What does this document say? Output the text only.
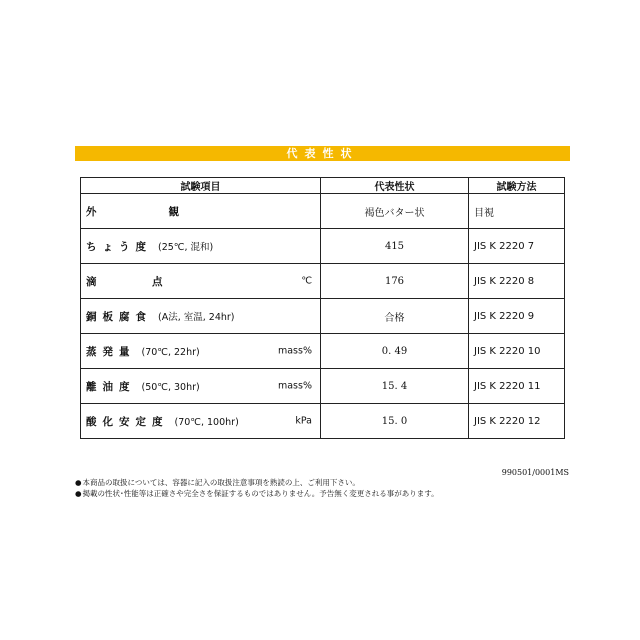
代表性状
試験項目	代表性状	試験方法
外　　　　観	褐色バター状	目視
ちょう度 (25℃, 混和)	415	JIS K 2220 7
滴　　　点 ℃	176	JIS K 2220 8
銅板腐食 (A法, 室温, 24hr)	合格	JIS K 2220 9
蒸発量 (70℃, 22hr) mass%	0. 49	JIS K 2220 10
離油度 (50℃, 30hr) mass%	15. 4	JIS K 2220 11
酸化安定度 (70℃, 100hr) kPa	15. 0	JIS K 2220 12
990501/0001MS
●本商品の取扱については、容器に記入の取扱注意事項を熟読の上、ご利用下さい。
●掲載の性状･性能等は正確さや完全さを保証するものではありません。予告無く変更される事があります。
